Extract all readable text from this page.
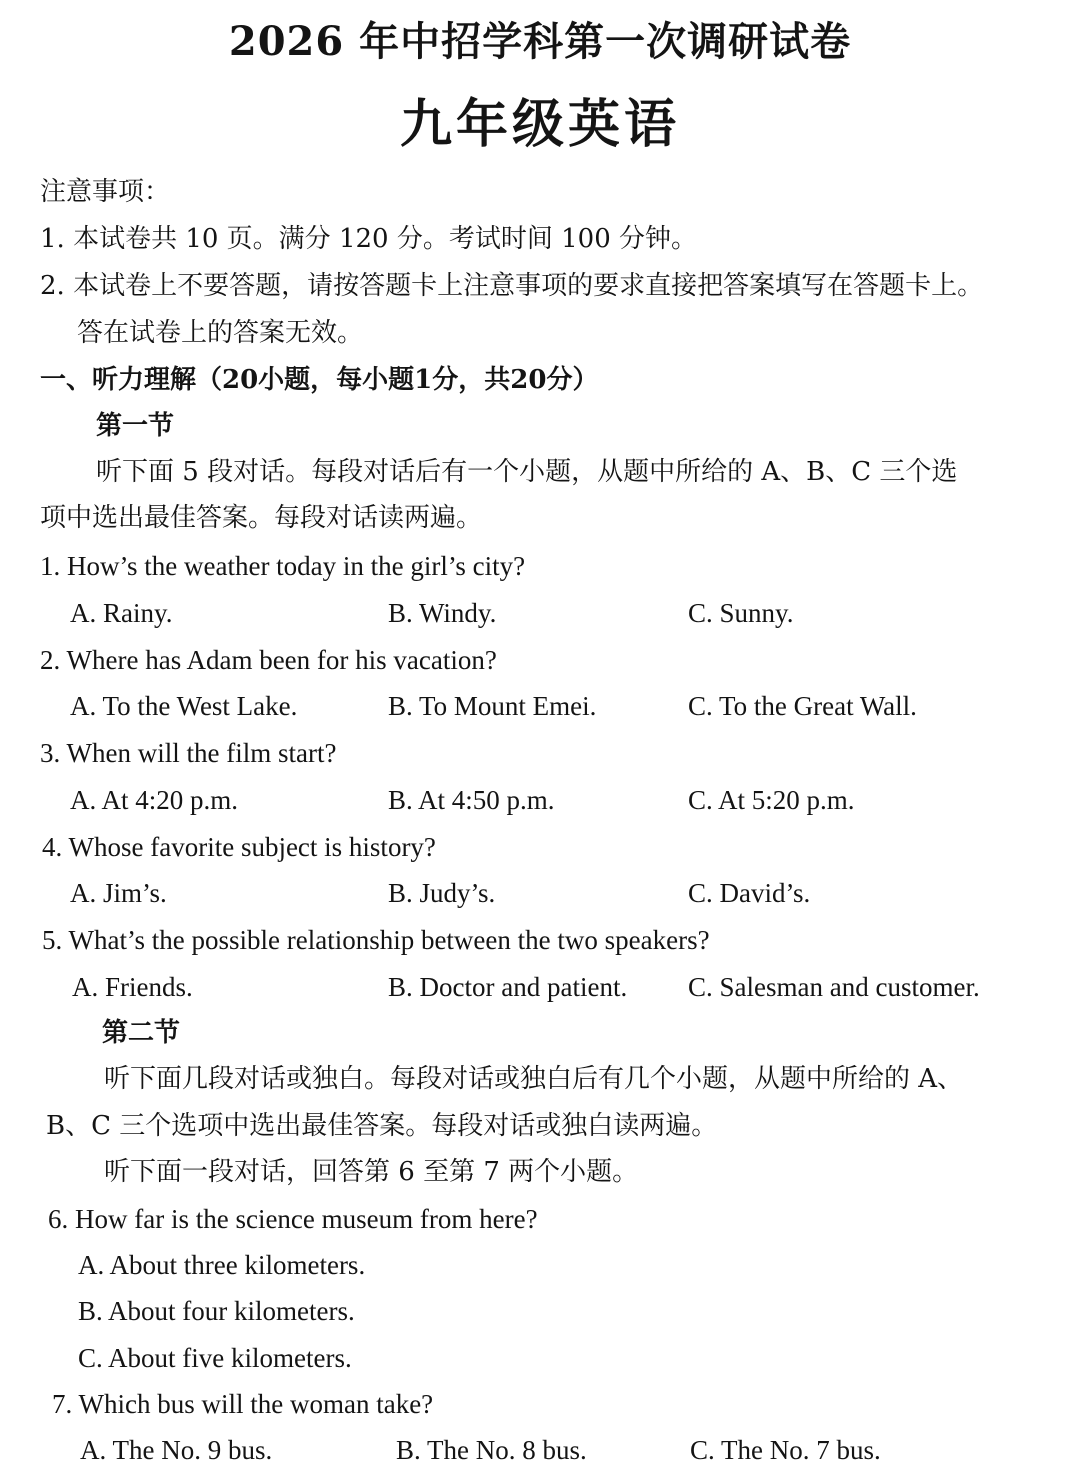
2026 年中招学科第一次调研试卷
九年级英语
注意事项：
1. 本试卷共 10 页。满分 120 分。考试时间 100 分钟。
2. 本试卷上不要答题，请按答题卡上注意事项的要求直接把答案填写在答题卡上。
答在试卷上的答案无效。
一、听力理解（20小题，每小题1分，共20分）
第一节
听下面 5 段对话。每段对话后有一个小题，从题中所给的 A、B、C 三个选
项中选出最佳答案。每段对话读两遍。
1. How’s the weather today in the girl’s city?
A. Rainy.	B. Windy.	C. Sunny.
2. Where has Adam been for his vacation?
A. To the West Lake.	B. To Mount Emei.	C. To the Great Wall.
3. When will the film start?
A. At 4:20 p.m.	B. At 4:50 p.m.	C. At 5:20 p.m.
4. Whose favorite subject is history?
A. Jim’s.	B. Judy’s.	C. David’s.
5. What’s the possible relationship between the two speakers?
A. Friends.	B. Doctor and patient. C. Salesman and customer.
第二节
听下面几段对话或独白。每段对话或独白后有几个小题，从题中所给的 A、
B、C 三个选项中选出最佳答案。每段对话或独白读两遍。
听下面一段对话，回答第 6 至第 7 两个小题。
6. How far is the science museum from here?
A. About three kilometers.
B. About four kilometers.
C. About five kilometers.
7. Which bus will the woman take?
A. The No. 9 bus.	B. The No. 8 bus.	C. The No. 7 bus.
